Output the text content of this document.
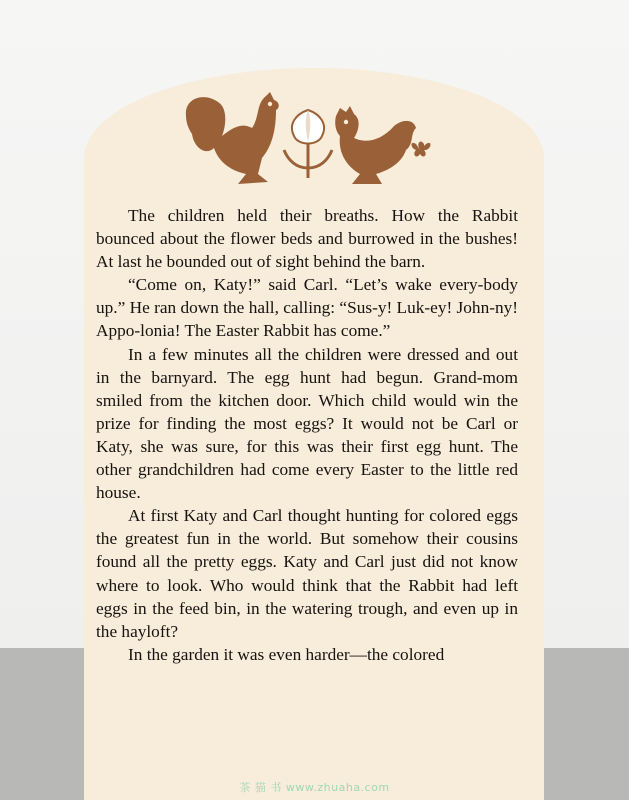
The children held their breaths. How the Rabbit bounced about the flower beds and burrowed in the bushes! At last he bounded out of sight behind the barn.

“Come on, Katy!” said Carl. “Let’s wake every-body up.” He ran down the hall, calling: “Sus-y! Luk-ey! John-ny! Appo-lonia! The Easter Rabbit has come.”

In a few minutes all the children were dressed and out in the barnyard. The egg hunt had begun. Grand-mom smiled from the kitchen door. Which child would win the prize for finding the most eggs? It would not be Carl or Katy, she was sure, for this was their first egg hunt. The other grandchildren had come every Easter to the little red house.

At first Katy and Carl thought hunting for colored eggs the greatest fun in the world. But somehow their cousins found all the pretty eggs. Katy and Carl just did not know where to look. Who would think that the Rabbit had left eggs in the feed bin, in the watering trough, and even up in the hayloft?

In the garden it was even harder—the colored

茶 猫 书 www.zhuaha.com
